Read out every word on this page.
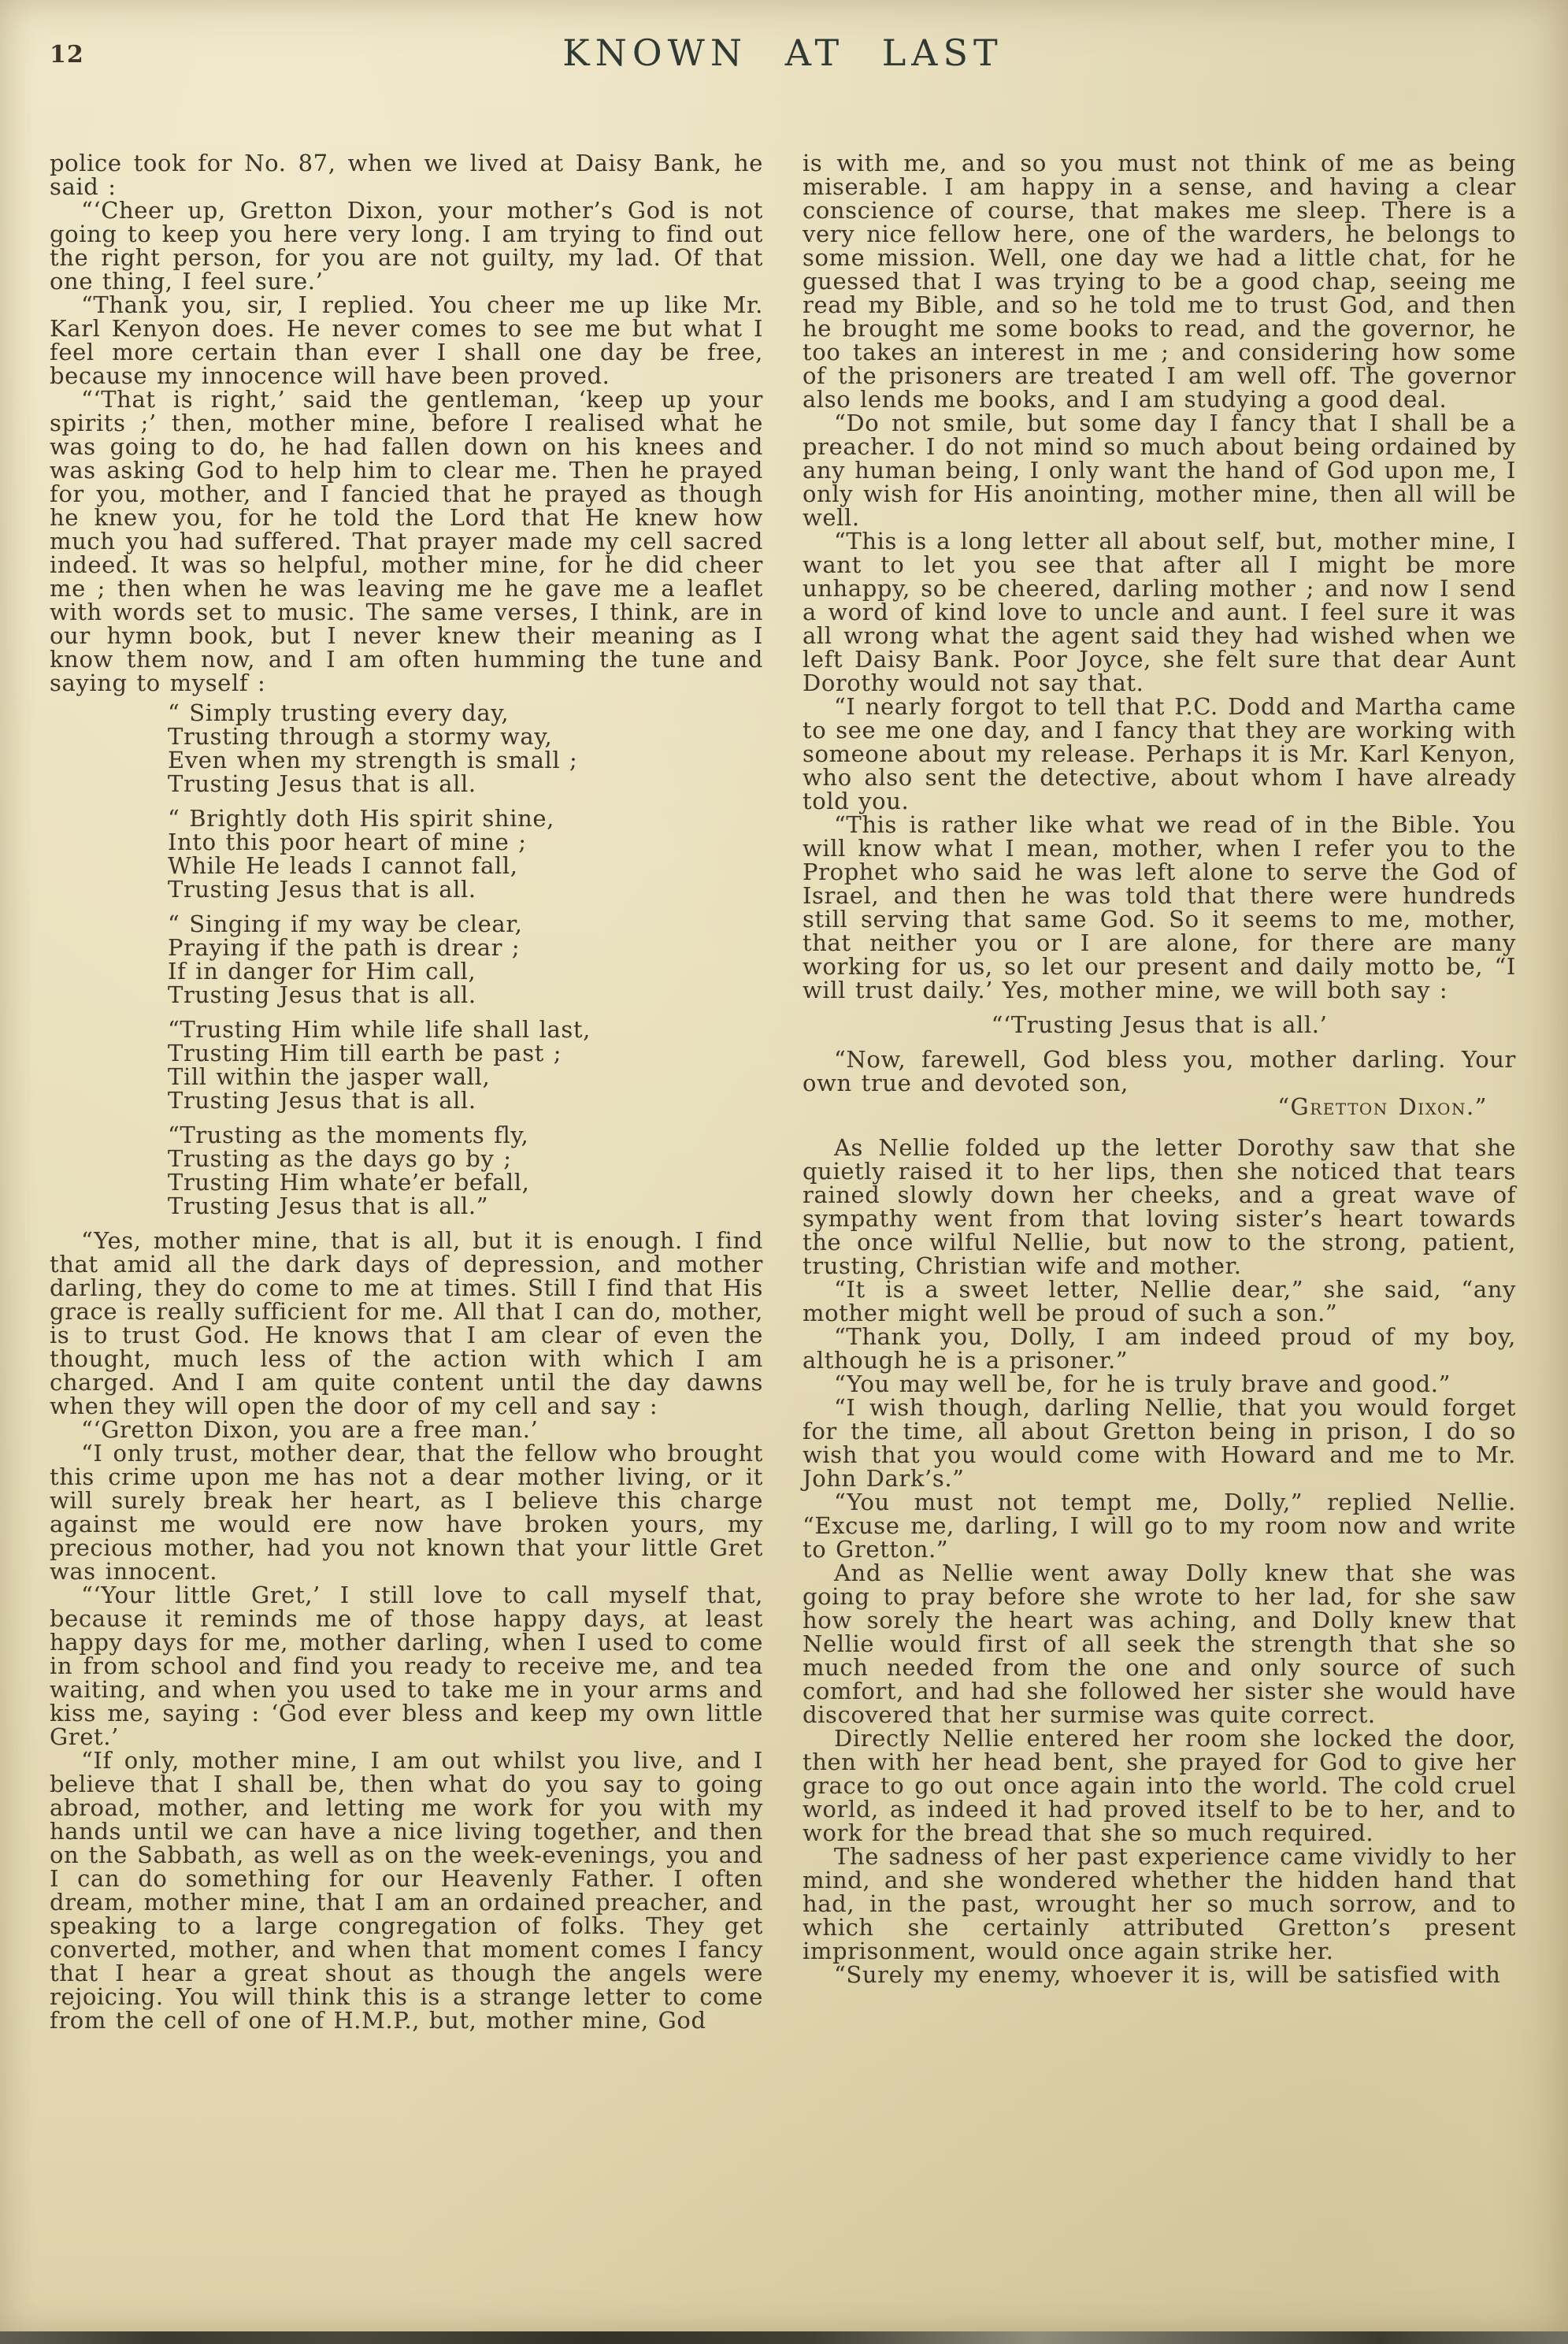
12	KNOWN AT LAST

police took for No. 87, when we lived at Daisy Bank, he said :

“‘Cheer up, Gretton Dixon, your mother’s God is not going to keep you here very long. I am trying to find out the right person, for you are not guilty, my lad. Of that one thing, I feel sure.’

“Thank you, sir, I replied. You cheer me up like Mr. Karl Kenyon does. He never comes to see me but what I feel more certain than ever I shall one day be free, because my innocence will have been proved.

“‘That is right,’ said the gentleman, ‘keep up your spirits ;’ then, mother mine, before I realised what he was going to do, he had fallen down on his knees and was asking God to help him to clear me. Then he prayed for you, mother, and I fancied that he prayed as though he knew you, for he told the Lord that He knew how much you had suffered. That prayer made my cell sacred indeed. It was so helpful, mother mine, for he did cheer me ; then when he was leaving me he gave me a leaflet with words set to music. The same verses, I think, are in our hymn book, but I never knew their meaning as I know them now, and I am often humming the tune and saying to myself :

“ Simply trusting every day,
Trusting through a stormy way,
Even when my strength is small ;
Trusting Jesus that is all.
“ Brightly doth His spirit shine,
Into this poor heart of mine ;
While He leads I cannot fall,
Trusting Jesus that is all.
“ Singing if my way be clear,
Praying if the path is drear ;
If in danger for Him call,
Trusting Jesus that is all.
“Trusting Him while life shall last,
Trusting Him till earth be past ;
Till within the jasper wall,
Trusting Jesus that is all.
“Trusting as the moments fly,
Trusting as the days go by ;
Trusting Him whate’er befall,
Trusting Jesus that is all.”

“Yes, mother mine, that is all, but it is enough. I find that amid all the dark days of depression, and mother darling, they do come to me at times. Still I find that His grace is really sufficient for me. All that I can do, mother, is to trust God. He knows that I am clear of even the thought, much less of the action with which I am charged. And I am quite content until the day dawns when they will open the door of my cell and say :

“‘Gretton Dixon, you are a free man.’

“I only trust, mother dear, that the fellow who brought this crime upon me has not a dear mother living, or it will surely break her heart, as I believe this charge against me would ere now have broken yours, my precious mother, had you not known that your little Gret was innocent.

“‘Your little Gret,’ I still love to call myself that, because it reminds me of those happy days, at least happy days for me, mother darling, when I used to come in from school and find you ready to receive me, and tea waiting, and when you used to take me in your arms and kiss me, saying : ‘God ever bless and keep my own little Gret.’

“If only, mother mine, I am out whilst you live, and I believe that I shall be, then what do you say to going abroad, mother, and letting me work for you with my hands until we can have a nice living together, and then on the Sabbath, as well as on the week-evenings, you and I can do something for our Heavenly Father. I often dream, mother mine, that I am an ordained preacher, and speaking to a large congregation of folks. They get converted, mother, and when that moment comes I fancy that I hear a great shout as though the angels were rejoicing. You will think this is a strange letter to come from the cell of one of H.M.P., but, mother mine, God

is with me, and so you must not think of me as being miserable. I am happy in a sense, and having a clear conscience of course, that makes me sleep. There is a very nice fellow here, one of the warders, he belongs to some mission. Well, one day we had a little chat, for he guessed that I was trying to be a good chap, seeing me read my Bible, and so he told me to trust God, and then he brought me some books to read, and the governor, he too takes an interest in me ; and considering how some of the prisoners are treated I am well off. The governor also lends me books, and I am studying a good deal.

“Do not smile, but some day I fancy that I shall be a preacher. I do not mind so much about being ordained by any human being, I only want the hand of God upon me, I only wish for His anointing, mother mine, then all will be well.

“This is a long letter all about self, but, mother mine, I want to let you see that after all I might be more unhappy, so be cheered, darling mother ; and now I send a word of kind love to uncle and aunt. I feel sure it was all wrong what the agent said they had wished when we left Daisy Bank. Poor Joyce, she felt sure that dear Aunt Dorothy would not say that.

“I nearly forgot to tell that P.C. Dodd and Martha came to see me one day, and I fancy that they are working with someone about my release. Perhaps it is Mr. Karl Kenyon, who also sent the detective, about whom I have already told you.

“This is rather like what we read of in the Bible. You will know what I mean, mother, when I refer you to the Prophet who said he was left alone to serve the God of Israel, and then he was told that there were hundreds still serving that same God. So it seems to me, mother, that neither you or I are alone, for there are many working for us, so let our present and daily motto be, “I will trust daily.’ Yes, mother mine, we will both say :

“‘Trusting Jesus that is all.’

“Now, farewell, God bless you, mother darling. Your own true and devoted son,

“Gretton Dixon.”

As Nellie folded up the letter Dorothy saw that she quietly raised it to her lips, then she noticed that tears rained slowly down her cheeks, and a great wave of sympathy went from that loving sister’s heart towards the once wilful Nellie, but now to the strong, patient, trusting, Christian wife and mother.

“It is a sweet letter, Nellie dear,” she said, “any mother might well be proud of such a son.”

“Thank you, Dolly, I am indeed proud of my boy, although he is a prisoner.”

“You may well be, for he is truly brave and good.”

“I wish though, darling Nellie, that you would forget for the time, all about Gretton being in prison, I do so wish that you would come with Howard and me to Mr. John Dark’s.”

“You must not tempt me, Dolly,” replied Nellie. “Excuse me, darling, I will go to my room now and write to Gretton.”

And as Nellie went away Dolly knew that she was going to pray before she wrote to her lad, for she saw how sorely the heart was aching, and Dolly knew that Nellie would first of all seek the strength that she so much needed from the one and only source of such comfort, and had she followed her sister she would have discovered that her surmise was quite correct.

Directly Nellie entered her room she locked the door, then with her head bent, she prayed for God to give her grace to go out once again into the world. The cold cruel world, as indeed it had proved itself to be to her, and to work for the bread that she so much required.

The sadness of her past experience came vividly to her mind, and she wondered whether the hidden hand that had, in the past, wrought her so much sorrow, and to which she certainly attributed Gretton’s present imprisonment, would once again strike her.

“Surely my enemy, whoever it is, will be satisfied with
